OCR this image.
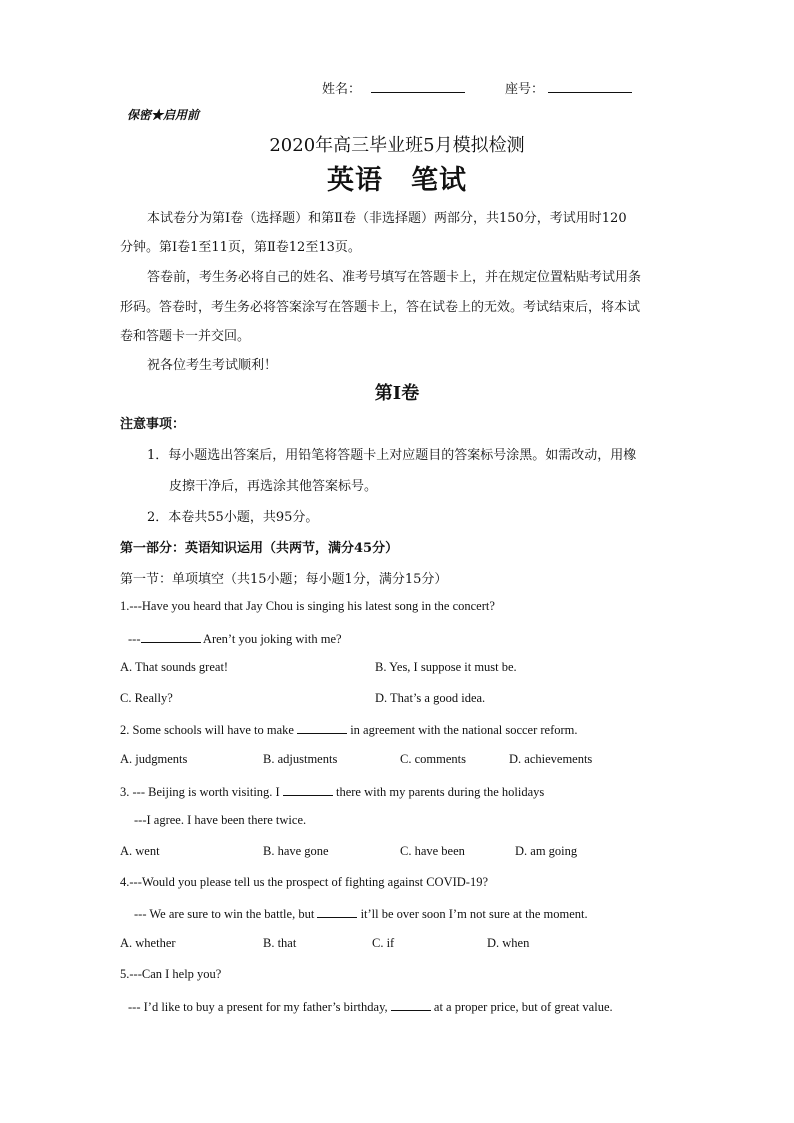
姓名：	座号：
保密★启用前
2020年高三毕业班5月模拟检测
英语　笔试
本试卷分为第Ⅰ卷（选择题）和第Ⅱ卷（非选择题）两部分，共150分，考试用时120
分钟。第Ⅰ卷1至11页，第Ⅱ卷12至13页。
答卷前，考生务必将自己的姓名、准考号填写在答题卡上，并在规定位置粘贴考试用条
形码。答卷时，考生务必将答案涂写在答题卡上，答在试卷上的无效。考试结束后，将本试
卷和答题卡一并交回。
祝各位考生考试顺利！
第Ⅰ卷
注意事项：
1．每小题选出答案后，用铅笔将答题卡上对应题目的答案标号涂黑。如需改动，用橡
皮擦干净后，再选涂其他答案标号。
2．本卷共55小题，共95分。
第一部分：英语知识运用（共两节，满分45分）
第一节：单项填空（共15小题；每小题1分，满分15分）
1.---Have you heard that Jay Chou is singing his latest song in the concert?
---	Aren’t you joking with me?
A. That sounds great!	B. Yes, I suppose it must be.
C. Really?	D. That’s a good idea.
2. Some schools will have to make	in agreement with the national soccer reform.
A. judgments	B. adjustments	C. comments	D. achievements
3. --- Beijing is worth visiting. I	there with my parents during the holidays
---I agree. I have been there twice.
A. went	B. have gone	C. have been	D. am going
4.---Would you please tell us the prospect of fighting against COVID-19?
--- We are sure to win the battle, but	it’ll be over soon I’m not sure at the moment.
A. whether	B. that	C. if	D. when
5.---Can I help you?
--- I’d like to buy a present for my father’s birthday,	at a proper price, but of great value.
